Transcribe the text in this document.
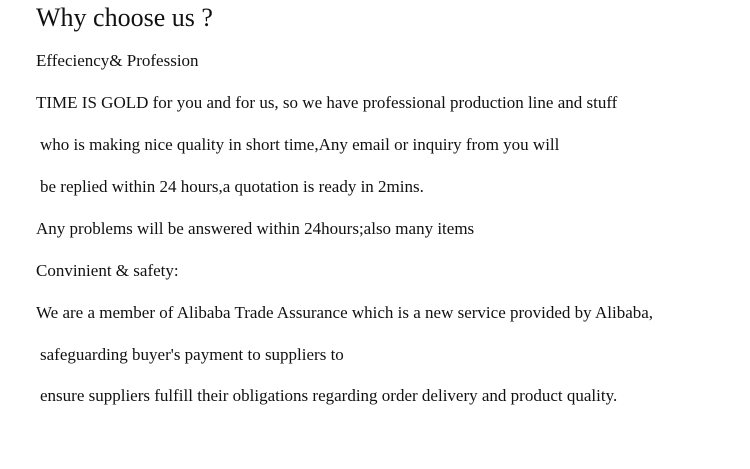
Why choose us ?
Effeciency& Profession
TIME IS GOLD for you and for us, so we have professional production line and stuff
who is making nice quality in short time,Any email or inquiry from you will
be replied within 24 hours,a quotation is ready in 2mins.
Any problems will be answered within 24hours;also many items
Convinient & safety:
We are a member of Alibaba Trade Assurance which is a new service provided by Alibaba,
safeguarding buyer's payment to suppliers to
ensure suppliers fulfill their obligations regarding order delivery and product quality.
